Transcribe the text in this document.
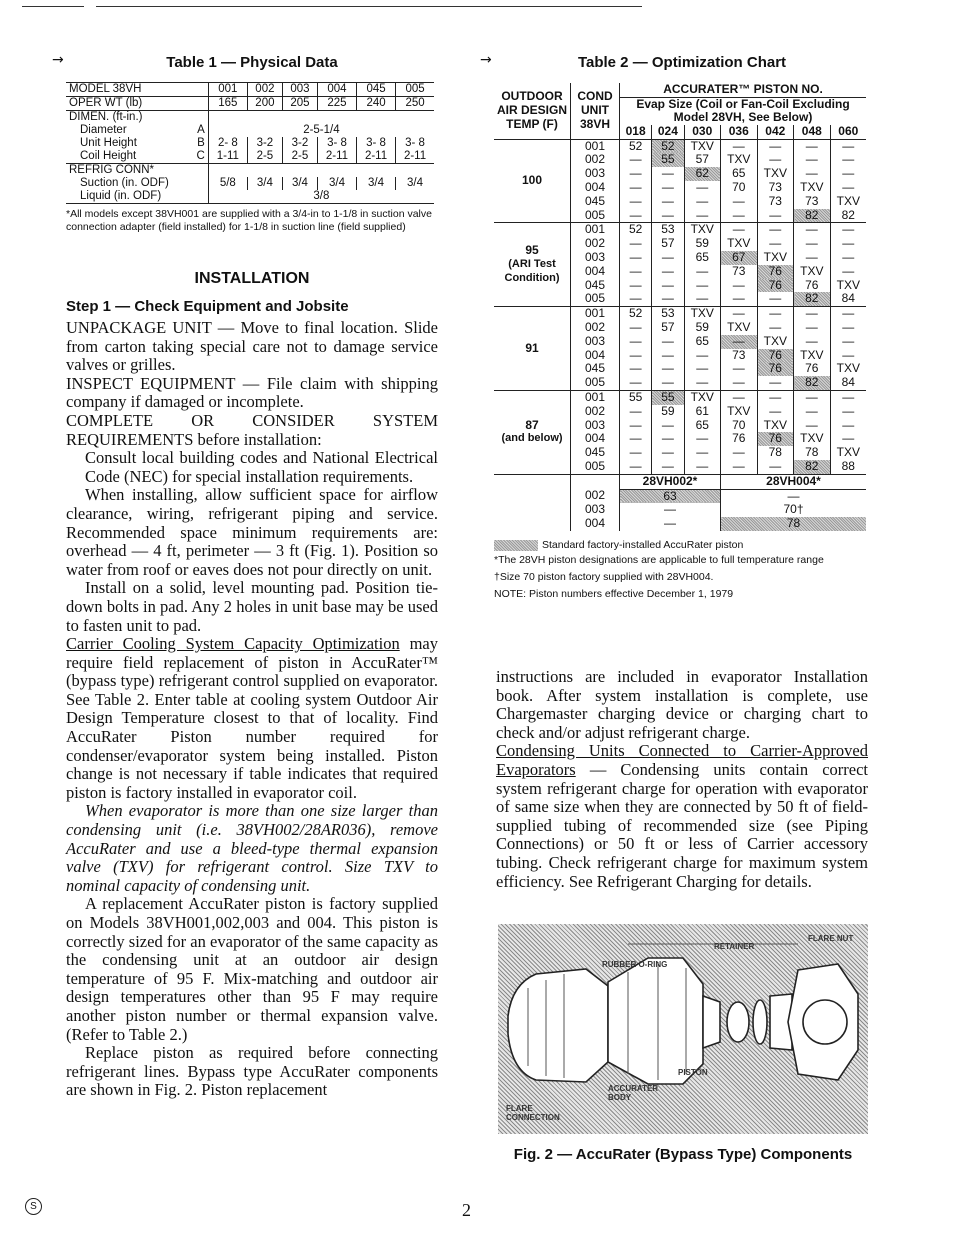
→	Table 1 — Physical Data
MODEL 38VH		001	002	003	004	045	005
OPER WT (lb)		165	200	205	225	240	250
DIMEN. (ft-in.)							
Diameter	A	2-5-1/4					
Unit Height	B	2- 8	3-2	3-2	3- 8	3- 8	3- 8
Coil Height	C	1-11	2-5	2-5	2-11	2-11	2-11
REFRIG CONN*							
Suction (in. ODF)		5/8	3/4	3/4	3/4	3/4	3/4
Liquid (in. ODF)		3/8					
*All models except 38VH001 are supplied with a 3/4-in to 1-1/8 in suction valve connection adapter (field installed) for 1-1/8 in suction line (field supplied)
INSTALLATION
Step 1 — Check Equipment and Jobsite

UNPACKAGE UNIT — Move to final location. Slide from carton taking special care not to damage service valves or grilles.

INSPECT EQUIPMENT — File claim with shipping company if damaged or incomplete.

COMPLETE OR CONSIDER SYSTEM REQUIREMENTS before installation:

Consult local building codes and National Electrical Code (NEC) for special installation requirements.

When installing, allow sufficient space for airflow clearance, wiring, refrigerant piping and service. Recommended space minimum requirements are: overhead — 4 ft, perimeter — 3 ft (Fig. 1). Position so water from roof or eaves does not pour directly on unit.

Install on a solid, level mounting pad. Position tie-down bolts in pad. Any 2 holes in unit base may be used to fasten unit to pad.

Carrier Cooling System Capacity Optimization may require field replacement of piston in AccuRater™ (bypass type) refrigerant control supplied on evaporator. See Table 2. Enter table at cooling system Outdoor Air Design Temperature closest to that of locality. Find AccuRater Piston number required for condenser/evaporator system being installed. Piston change is not necessary if table indicates that required piston is factory installed in evaporator coil.

When evaporator is more than one size larger than condensing unit (i.e. 38VH002/28AR036), remove AccuRater and use a bleed-type thermal expansion valve (TXV) for refrigerant control. Size TXV to nominal capacity of condensing unit.

A replacement AccuRater piston is factory supplied on Models 38VH001,002,003 and 004. This piston is correctly sized for an evaporator of the same capacity as the condensing unit at an outdoor air design temperature of 95 F. Mix-matching and outdoor air design temperatures other than 95 F may require another piston number or thermal expansion valve. (Refer to Table 2.)

Replace piston as required before connecting refrigerant lines. Bypass type AccuRater components are shown in Fig. 2. Piston replacement

→	Table 2 — Optimization Chart
OUTDOOR AIR DESIGN TEMP (F)	COND UNIT 38VH	ACCURATER™ PISTON NO.						
		Evap Size (Coil or Fan-Coil Excluding Model 28VH, See Below)						
		018	024	030	036	042	048	060

100	001	52	52	TXV	—	—	—	—
	002	—	55	57	TXV	—	—	—
	003	—	—	62	65	TXV	—	—
	004	—	—	—	70	73	TXV	—
	045	—	—	—	—	73	73	TXV
	005	—	—	—	—	—	82	82

95
(ARI Test Condition)	001	52	53	TXV	—	—	—	—
	002	—	57	59	TXV	—	—	—
	003	—	—	65	67	TXV	—	—
	004	—	—	—	73	76	TXV	—
	045	—	—	—	—	76	76	TXV
	005	—	—	—	—	—	82	84

91	001	52	53	TXV	—	—	—	—
	002	—	57	59	TXV	—	—	—
	003	—	—	65	—	TXV	—	—
	004	—	—	—	73	76	TXV	—
	045	—	—	—	—	76	76	TXV
	005	—	—	—	—	—	82	84

87
(and below)	001	55	55	TXV	—	—	—	—
	002	—	59	61	TXV	—	—	—
	003	—	—	65	70	TXV	—	—
	004	—	—	—	76	76	TXV	—
	045	—	—	—	—	78	78	TXV
	005	—	—	—	—	—	82	88
		28VH002*			28VH004*			
	002	63			—			
	003	—			70†			
	004	—			78			
Standard factory-installed AccuRater piston
*The 28VH piston designations are applicable to full temperature range
†Size 70 piston factory supplied with 28VH004.
NOTE: Piston numbers effective December 1, 1979

instructions are included in evaporator Installation book. After system installation is complete, use Chargemaster charging device or charging chart to check and/or adjust refrigerant charge.

Condensing Units Connected to Carrier-Approved Evaporators — Condensing units contain correct system refrigerant charge for operation with evaporator of same size when they are connected by 50 ft of field-supplied tubing of recommended size (see Piping Connections) or 50 ft or less of Carrier accessory tubing. Check refrigerant charge for maximum system efficiency. See Refrigerant Charging for details.

RETAINER
FLARE NUT
RUBBER O-RING
PISTON
ACCURATER BODY
FLARE CONNECTION
Fig. 2 — AccuRater (Bypass Type) Components
S	2
